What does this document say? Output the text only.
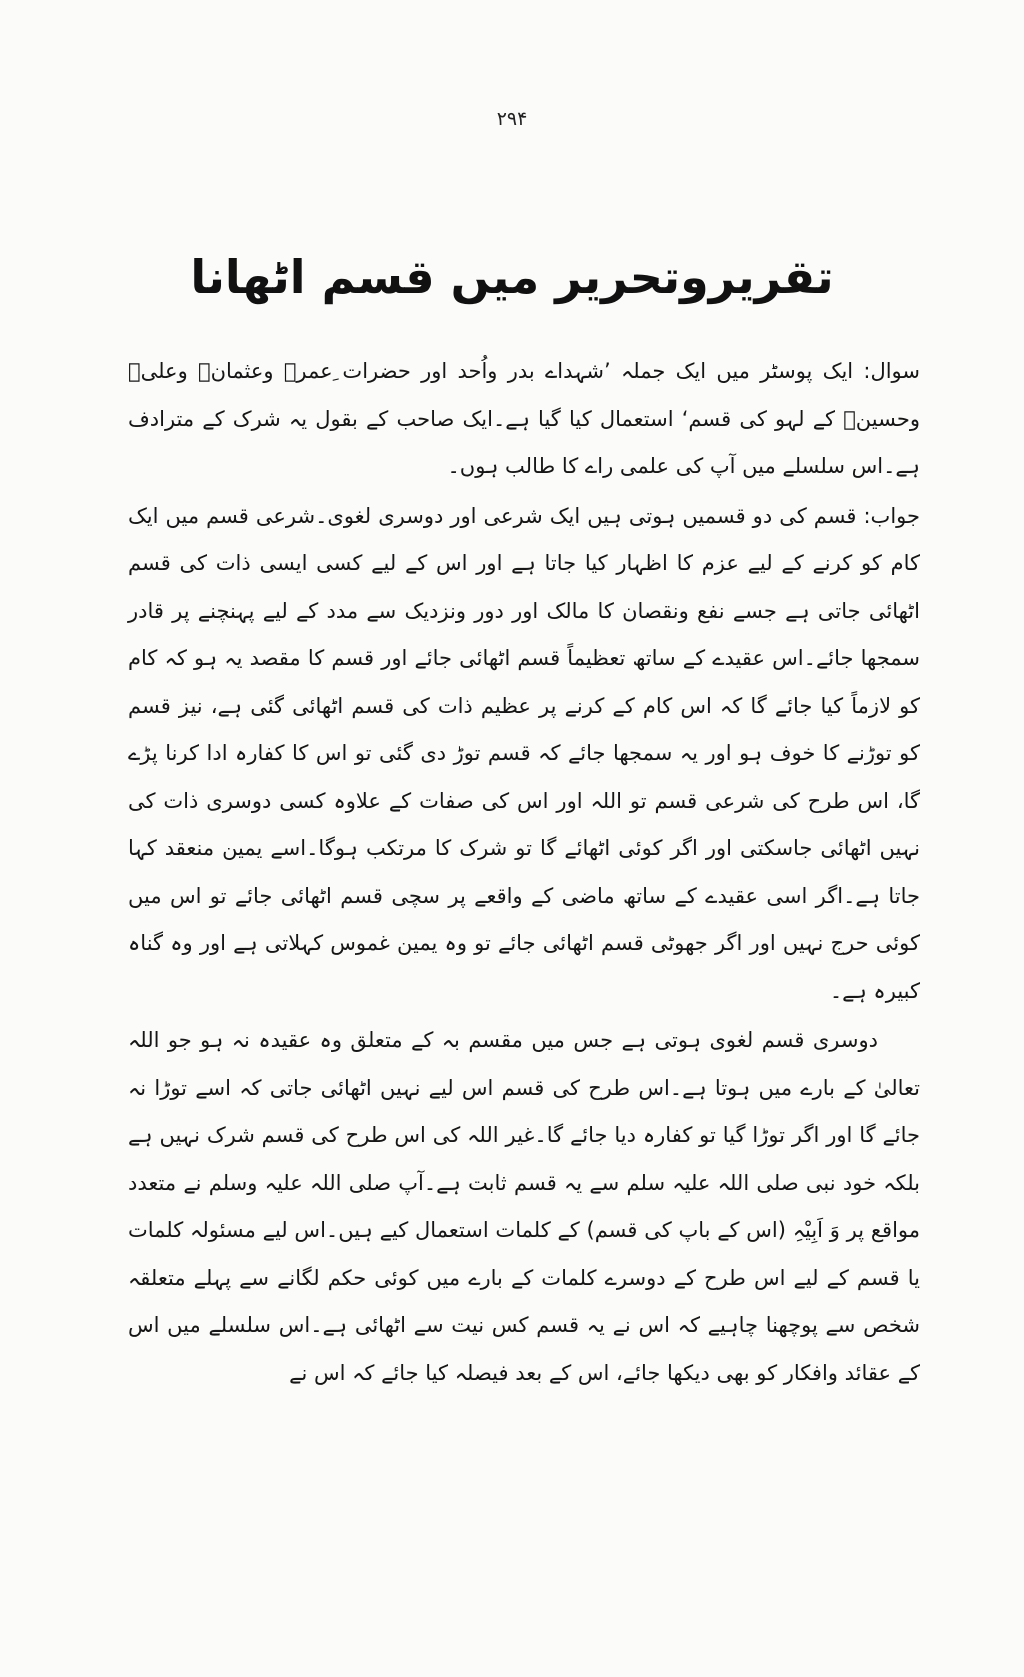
۲۹۴
تقریروتحریر میں قسم اٹھانا

سوال: ایک پوسٹر میں ایک جملہ ’شہداے بدر واُحد اور حضرات ِعمرؓ وعثمانؓ وعلیؓ وحسینؓ کے لہو کی قسم‘ استعمال کیا گیا ہے۔ایک صاحب کے بقول یہ شرک کے مترادف ہے۔اس سلسلے میں آپ کی علمی راے کا طالب ہوں۔

جواب: قسم کی دو قسمیں ہوتی ہیں ایک شرعی اور دوسری لغوی۔شرعی قسم میں ایک کام کو کرنے کے لیے عزم کا اظہار کیا جاتا ہے اور اس کے لیے کسی ایسی ذات کی قسم اٹھائی جاتی ہے جسے نفع ونقصان کا مالک اور دور ونزدیک سے مدد کے لیے پہنچنے پر قادر سمجھا جائے۔اس عقیدے کے ساتھ تعظیماً قسم اٹھائی جائے اور قسم کا مقصد یہ ہو کہ کام کو لازماً کیا جائے گا کہ اس کام کے کرنے پر عظیم ذات کی قسم اٹھائی گئی ہے، نیز قسم کو توڑنے کا خوف ہو اور یہ سمجھا جائے کہ قسم توڑ دی گئی تو اس کا کفارہ ادا کرنا پڑے گا، اس طرح کی شرعی قسم تو اللہ اور اس کی صفات کے علاوہ کسی دوسری ذات کی نہیں اٹھائی جاسکتی اور اگر کوئی اٹھائے گا تو شرک کا مرتکب ہوگا۔اسے یمین منعقد کہا جاتا ہے۔اگر اسی عقیدے کے ساتھ ماضی کے واقعے پر سچی قسم اٹھائی جائے تو اس میں کوئی حرج نہیں اور اگر جھوٹی قسم اٹھائی جائے تو وہ یمین غموس کہلاتی ہے اور وہ گناہ کبیرہ ہے۔

دوسری قسم لغوی ہوتی ہے جس میں مقسم بہ کے متعلق وہ عقیدہ نہ ہو جو اللہ تعالیٰ کے بارے میں ہوتا ہے۔اس طرح کی قسم اس لیے نہیں اٹھائی جاتی کہ اسے توڑا نہ جائے گا اور اگر توڑا گیا تو کفارہ دیا جائے گا۔غیر اللہ کی اس طرح کی قسم شرک نہیں ہے بلکہ خود نبی صلی اللہ علیہ سلم سے یہ قسم ثابت ہے۔آپ صلی اللہ علیہ وسلم نے متعدد مواقع پر وَ اَبِیْہِ (اس کے باپ کی قسم) کے کلمات استعمال کیے ہیں۔اس لیے مسئولہ کلمات یا قسم کے لیے اس طرح کے دوسرے کلمات کے بارے میں کوئی حکم لگانے سے پہلے متعلقہ شخص سے پوچھنا چاہیے کہ اس نے یہ قسم کس نیت سے اٹھائی ہے۔اس سلسلے میں اس کے عقائد وافکار کو بھی دیکھا جائے، اس کے بعد فیصلہ کیا جائے کہ اس نے
